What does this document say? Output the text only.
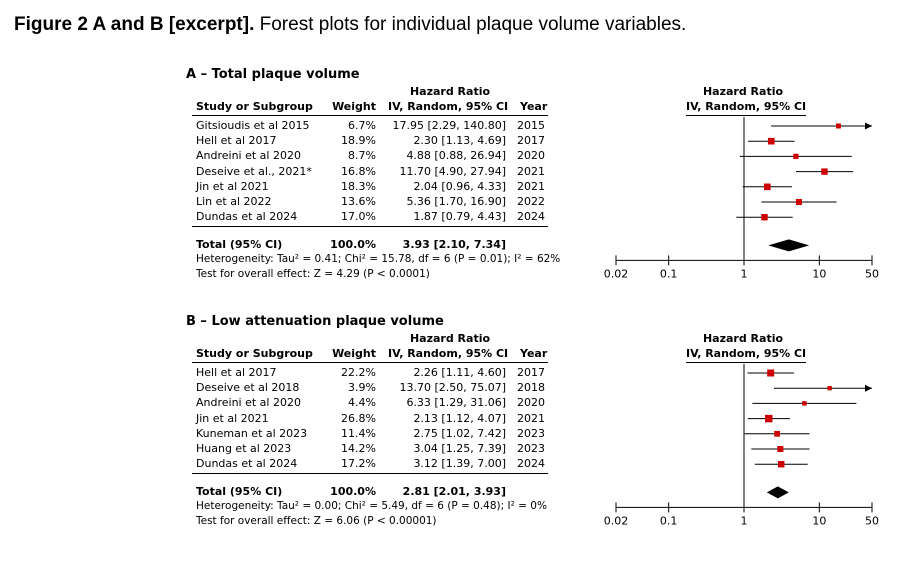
Figure 2 A and B [excerpt]. Forest plots for individual plaque volume variables.
A – Total plaque volume
Hazard Ratio	Hazard Ratio
Study or Subgroup	Weight IV, Random, 95% CI Year	IV, Random, 95% CI
Gitsioudis et al 2015	6.7%	17.95 [2.29, 140.80] 2015
Hell et al 2017	18.9%	2.30 [1.13, 4.69] 2017
Andreini et al 2020	8.7%	4.88 [0.88, 26.94] 2020
Deseive et al., 2021*	16.8%	11.70 [4.90, 27.94] 2021
Jin et al 2021	18.3%	2.04 [0.96, 4.33] 2021
Lin et al 2022	13.6%	5.36 [1.70, 16.90] 2022
Dundas et al 2024	17.0%	1.87 [0.79, 4.43] 2024
Total (95% CI)	100.0%	3.93 [2.10, 7.34]
Heterogeneity: Tau² = 0.41; Chi² = 15.78, df = 6 (P = 0.01); I² = 62%
Test for overall effect: Z = 4.29 (P < 0.0001)	0.02	0.1	1	10	50
B – Low attenuation plaque volume
Hazard Ratio	Hazard Ratio
Study or Subgroup	Weight IV, Random, 95% CI Year	IV, Random, 95% CI
Hell et al 2017	22.2%	2.26 [1.11, 4.60] 2017
Deseive et al 2018	3.9%	13.70 [2.50, 75.07] 2018
Andreini et al 2020	4.4%	6.33 [1.29, 31.06] 2020
Jin et al 2021	26.8%	2.13 [1.12, 4.07] 2021
Kuneman et al 2023	11.4%	2.75 [1.02, 7.42] 2023
Huang et al 2023	14.2%	3.04 [1.25, 7.39] 2023
Dundas et al 2024	17.2%	3.12 [1.39, 7.00] 2024
Total (95% CI)	100.0%	2.81 [2.01, 3.93]
Heterogeneity: Tau² = 0.00; Chi² = 5.49, df = 6 (P = 0.48); I² = 0%
Test for overall effect: Z = 6.06 (P < 0.00001)	0.02	0.1	1	10	50
